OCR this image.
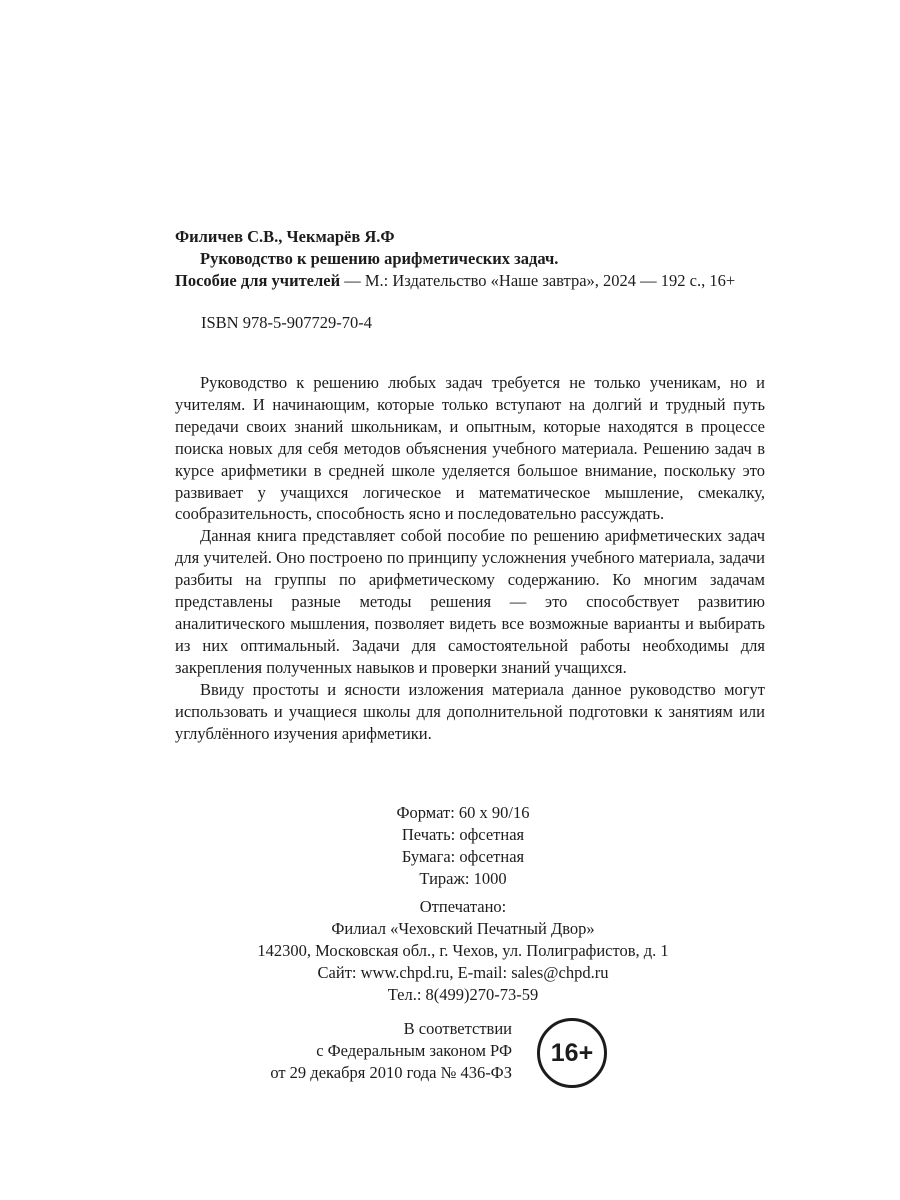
Филичев С.В., Чекмарёв Я.Ф
Руководство к решению арифметических задач.
Пособие для учителей — М.: Издательство «Наше завтра», 2024 — 192 с., 16+
ISBN 978-5-907729-70-4

Руководство к решению любых задач требуется не только ученикам, но и учителям. И начинающим, которые только вступают на долгий и трудный путь передачи своих знаний школьникам, и опытным, которые находятся в процессе поиска новых для себя методов объяснения учебного материала. Решению задач в курсе арифметики в средней школе уделяется большое внимание, поскольку это развивает у учащихся логическое и математическое мышление, смекалку, сообразительность, способность ясно и последовательно рассуждать.

Данная книга представляет собой пособие по решению арифметических задач для учителей. Оно построено по принципу усложнения учебного материала, задачи разбиты на группы по арифметическому содержанию. Ко многим задачам представлены разные методы решения — это способствует развитию аналитического мышления, позволяет видеть все возможные варианты и выбирать из них оптимальный. Задачи для самостоятельной работы необходимы для закрепления полученных навыков и проверки знаний учащихся.

Ввиду простоты и ясности изложения материала данное руководство могут использовать и учащиеся школы для дополнительной подготовки к занятиям или углублённого изучения арифметики.

Формат: 60 х 90/16
Печать: офсетная
Бумага: офсетная
Тираж: 1000
Отпечатано:
Филиал «Чеховский Печатный Двор»
142300, Московская обл., г. Чехов, ул. Полиграфистов, д. 1
Сайт: www.chpd.ru, E-mail: sales@chpd.ru
Тел.: 8(499)270-73-59
В соответствии
с Федеральным законом РФ
от 29 декабря 2010 года № 436-ФЗ
16+
